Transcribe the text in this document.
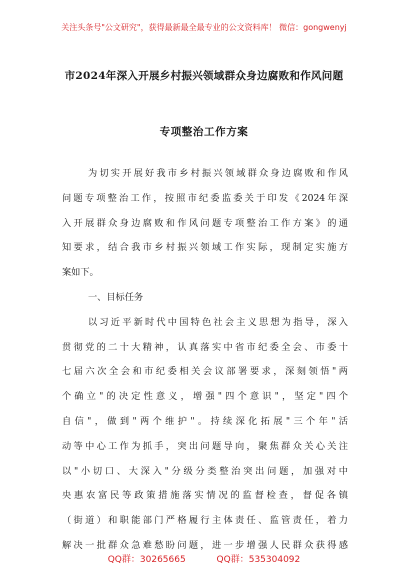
关注头条号"公文研究"，获得最新最全最专业的公文资料库！ 微信：gongwenyj
市2024年深入开展乡村振兴领域群众身边腐败和作风问题
专项整治工作方案
为切实开展好我市乡村振兴领域群众身边腐败和作风
问题专项整治工作，按照市纪委监委关于印发《2024年深
入开展群众身边腐败和作风问题专项整治工作方案》的通
知要求，结合我市乡村振兴领域工作实际，现制定实施方
案如下。
一、目标任务
以习近平新时代中国特色社会主义思想为指导，深入
贯彻党的二十大精神，认真落实中省市纪委全会、市委十
七届六次全会和市纪委相关会议部署要求，深刻领悟"两
个确立"的决定性意义，增强"四个意识"，坚定"四个
自信"，做到"两个维护"。持续深化拓展"三个年"活
动等中心工作为抓手，突出问题导向，聚焦群众关心关注
以"小切口、大深入"分级分类整治突出问题，加强对中
央惠农富民等政策措施落实情况的监督检查，督促各镇
（街道）和职能部门严格履行主体责任、监管责任，着力
解决一批群众急难愁盼问题，进一步增强人民群众获得感
QQ群：30265665 QQ群：535304092
